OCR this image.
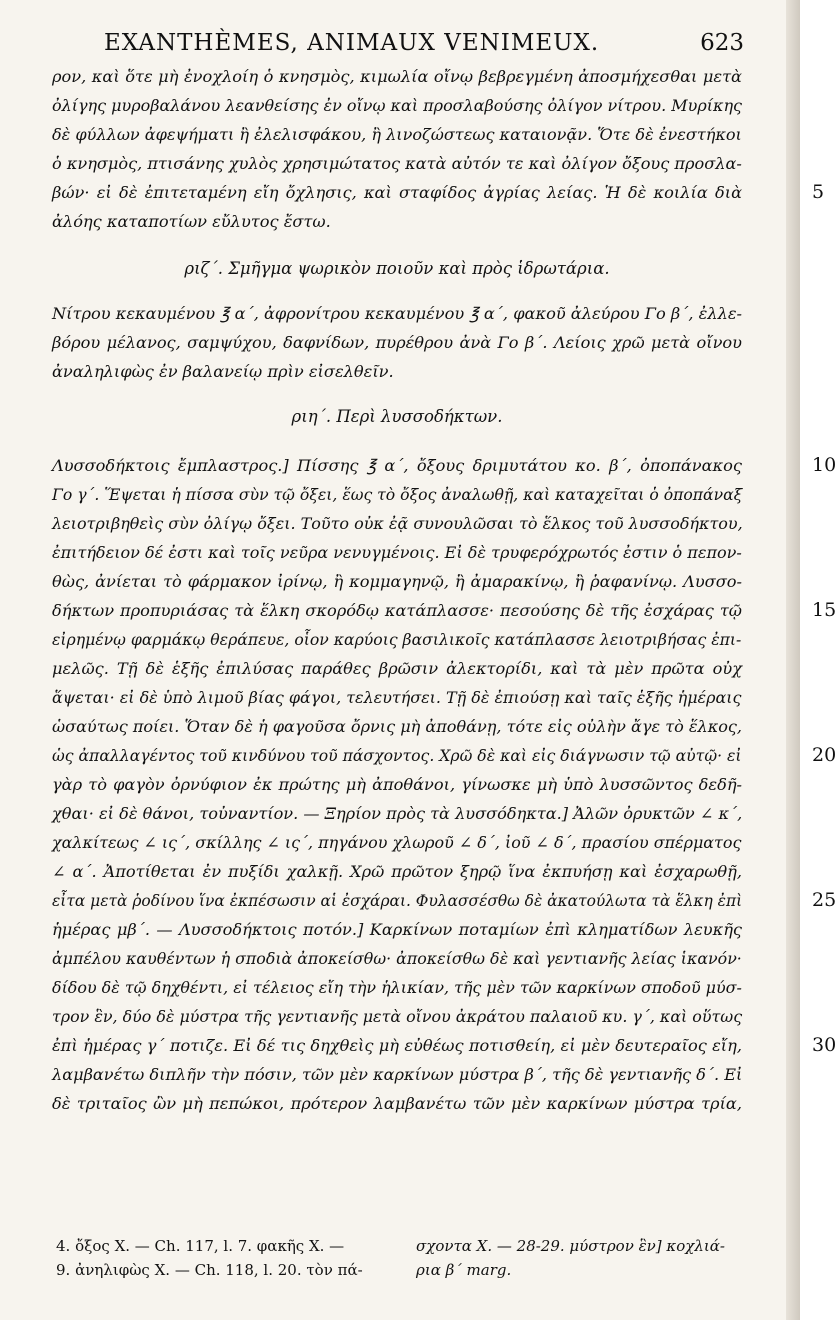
EXANTHÈMES, ANIMAUX VENIMEUX.	623
ρον, καὶ ὅτε μὴ ἐνοχλοίη ὁ κνησμὸς, κιμωλία οἴνῳ βεβρεγμένη ἀποσμήχεσθαι μετὰ
ὀλίγης μυροβαλάνου λεανθείσης ἐν οἴνῳ καὶ προσλαβούσης ὀλίγον νίτρου. Μυρίκης
δὲ φύλλων ἀφεψήματι ἢ ἐλελισφάκου, ἢ λινοζώστεως καταιονᾷν. Ὅτε δὲ ἐνεστήκοι
ὁ κνησμὸς, πτισάνης χυλὸς χρησιμώτατος κατὰ αὐτόν τε καὶ ὀλίγον ὄξους προσλα-
βών· εἰ δὲ ἐπιτεταμένη εἴη ὄχλησις, καὶ σταφίδος ἀγρίας λείας. Ἡ δὲ κοιλία διὰ	5
ἀλόης καταποτίων εὔλυτος ἔστω.
ριζ΄. Σμῆγμα ψωρικὸν ποιοῦν καὶ πρὸς ἱδρωτάρια.
Νίτρου κεκαυμένου ℥ α΄, ἀφρονίτρου κεκαυμένου ℥ α΄, φακοῦ ἀλεύρου Γο β΄, ἐλλε-
βόρου μέλανος, σαμψύχου, δαφνίδων, πυρέθρου ἀνὰ Γο β΄. Λείοις χρῶ μετὰ οἴνου
ἀναληλιφὼς ἐν βαλανείῳ πρὶν εἰσελθεῖν.
ριη΄. Περὶ λυσσοδήκτων.
Λυσσοδήκτοις ἔμπλαστρος.] Πίσσης ℥ α΄, ὄξους δριμυτάτου κο. β΄, ὀποπάνακος	10
Γο γ΄. Ἕψεται ἡ πίσσα σὺν τῷ ὄξει, ἕως τὸ ὄξος ἀναλωθῇ, καὶ καταχεῖται ὁ ὀποπάναξ
λειοτριβηθεὶς σὺν ὀλίγῳ ὄξει. Τοῦτο οὐκ ἐᾷ συνουλῶσαι τὸ ἕλκος τοῦ λυσσοδήκτου,
ἐπιτήδειον δέ ἐστι καὶ τοῖς νεῦρα νενυγμένοις. Εἰ δὲ τρυφερόχρωτός ἐστιν ὁ πεπον-
θὼς, ἀνίεται τὸ φάρμακον ἰρίνῳ, ἢ κομμαγηνῷ, ἢ ἀμαρακίνῳ, ἢ ῥαφανίνῳ. Λυσσο-
δήκτων προπυριάσας τὰ ἕλκη σκορόδῳ κατάπλασσε· πεσούσης δὲ τῆς ἐσχάρας τῷ	15
εἰρημένῳ φαρμάκῳ θεράπευε, οἷον καρύοις βασιλικοῖς κατάπλασσε λειοτριβήσας ἐπι-
μελῶς. Τῇ δὲ ἑξῆς ἐπιλύσας παράθες βρῶσιν ἀλεκτορίδι, καὶ τὰ μὲν πρῶτα οὐχ
ἅψεται· εἰ δὲ ὑπὸ λιμοῦ βίας φάγοι, τελευτήσει. Τῇ δὲ ἐπιούσῃ καὶ ταῖς ἑξῆς ἡμέραις
ὡσαύτως ποίει. Ὅταν δὲ ἡ φαγοῦσα ὄρνις μὴ ἀποθάνῃ, τότε εἰς οὐλὴν ἄγε τὸ ἕλκος,
ὡς ἀπαλλαγέντος τοῦ κινδύνου τοῦ πάσχοντος. Χρῶ δὲ καὶ εἰς διάγνωσιν τῷ αὐτῷ· εἰ	20
γὰρ τὸ φαγὸν ὀρνύφιον ἐκ πρώτης μὴ ἀποθάνοι, γίνωσκε μὴ ὑπὸ λυσσῶντος δεδῆ-
χθαι· εἰ δὲ θάνοι, τοὐναντίον. — Ξηρίον πρὸς τὰ λυσσόδηκτα.] Ἀλῶν ὀρυκτῶν ∠ κ΄,
χαλκίτεως ∠ ις΄, σκίλλης ∠ ις΄, πηγάνου χλωροῦ ∠ δ΄, ἰοῦ ∠ δ΄, πρασίου σπέρματος
∠ α΄. Ἀποτίθεται ἐν πυξίδι χαλκῇ. Χρῶ πρῶτον ξηρῷ ἵνα ἐκπυήσῃ καὶ ἐσχαρωθῇ,
εἶτα μετὰ ῥοδίνου ἵνα ἐκπέσωσιν αἱ ἐσχάραι. Φυλασσέσθω δὲ ἀκατούλωτα τὰ ἕλκη ἐπὶ	25
ἡμέρας μβ΄. — Λυσσοδήκτοις ποτόν.] Καρκίνων ποταμίων ἐπὶ κληματίδων λευκῆς
ἀμπέλου καυθέντων ἡ σποδιὰ ἀποκείσθω· ἀποκείσθω δὲ καὶ γεντιανῆς λείας ἱκανόν·
δίδου δὲ τῷ δηχθέντι, εἰ τέλειος εἴη τὴν ἡλικίαν, τῆς μὲν τῶν καρκίνων σποδοῦ μύσ-
τρον ἓν, δύο δὲ μύστρα τῆς γεντιανῆς μετὰ οἴνου ἀκράτου παλαιοῦ κυ. γ΄, καὶ οὕτως
ἐπὶ ἡμέρας γ΄ ποτιζε. Εἰ δέ τις δηχθεὶς μὴ εὐθέως ποτισθείη, εἰ μὲν δευτεραῖος εἴη,	30
λαμβανέτω διπλῆν τὴν πόσιν, τῶν μὲν καρκίνων μύστρα β΄, τῆς δὲ γεντιανῆς δ΄. Εἰ
δὲ τριταῖος ὢν μὴ πεπώκοι, πρότερον λαμβανέτω τῶν μὲν καρκίνων μύστρα τρία,
4. ὄξος X. — Ch. 117, l. 7. φακῆς X. —	σχοντα X. — 28-29. μύστρον ἓν] κοχλιά-
9. ἀνηλιφὼς X. — Ch. 118, l. 20. τὸν πά-	ρια β΄ marg.
